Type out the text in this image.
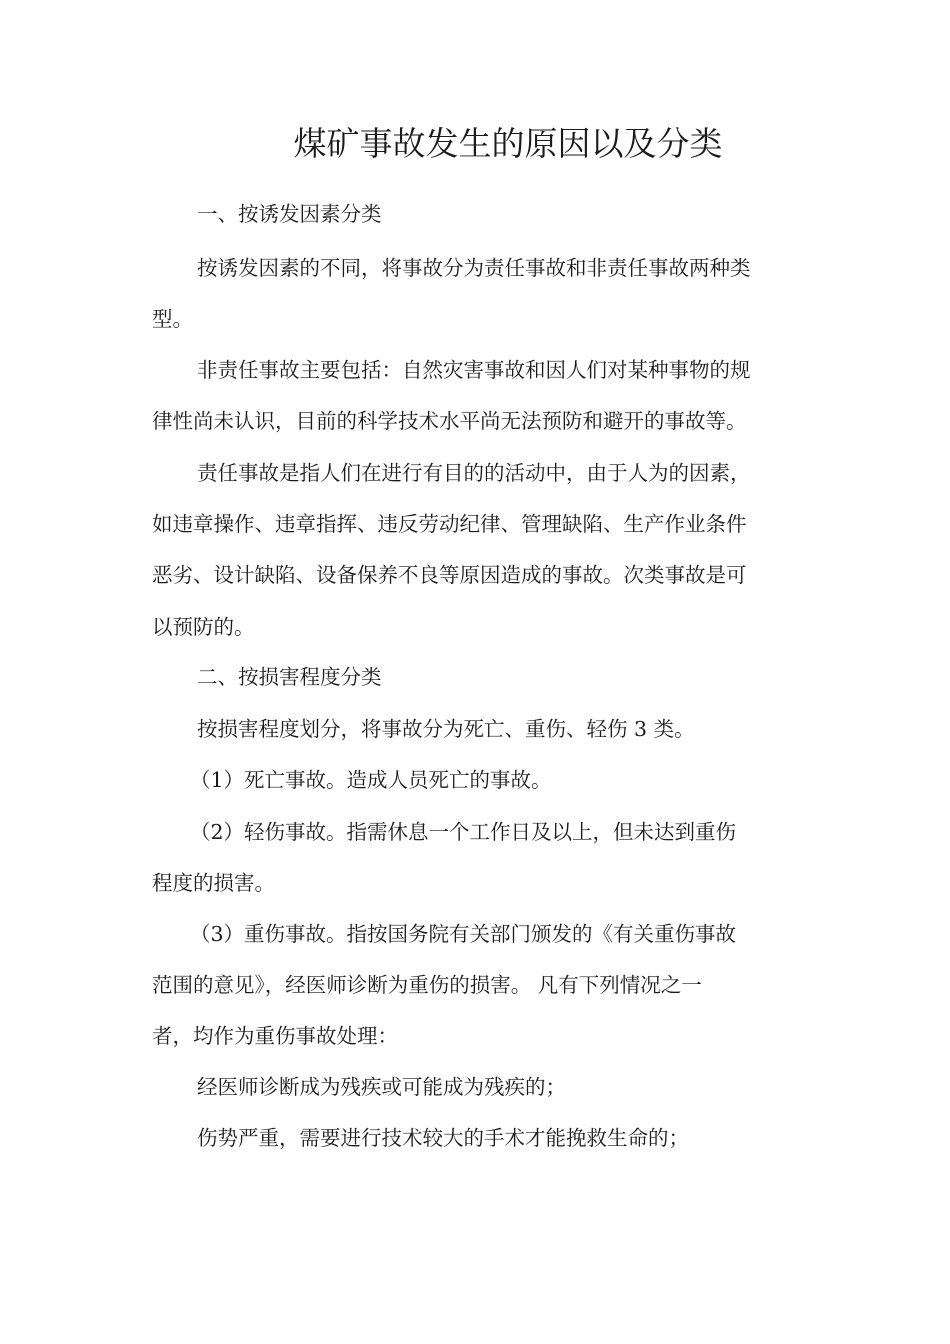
煤矿事故发生的原因以及分类
一、按诱发因素分类
按诱发因素的不同，将事故分为责任事故和非责任事故两种类
型。
非责任事故主要包括：自然灾害事故和因人们对某种事物的规
律性尚未认识，目前的科学技术水平尚无法预防和避开的事故等。
责任事故是指人们在进行有目的的活动中，由于人为的因素，
如违章操作、违章指挥、违反劳动纪律、管理缺陷、生产作业条件
恶劣、设计缺陷、设备保养不良等原因造成的事故。次类事故是可
以预防的。
二、按损害程度分类
按损害程度划分，将事故分为死亡、重伤、轻伤 3 类。
（1）死亡事故。造成人员死亡的事故。
（2）轻伤事故。指需休息一个工作日及以上，但未达到重伤
程度的损害。
（3）重伤事故。指按国务院有关部门颁发的《有关重伤事故
范围的意见》，经医师诊断为重伤的损害。 凡有下列情况之一
者，均作为重伤事故处理：
经医师诊断成为残疾或可能成为残疾的；
伤势严重，需要进行技术较大的手术才能挽救生命的；
